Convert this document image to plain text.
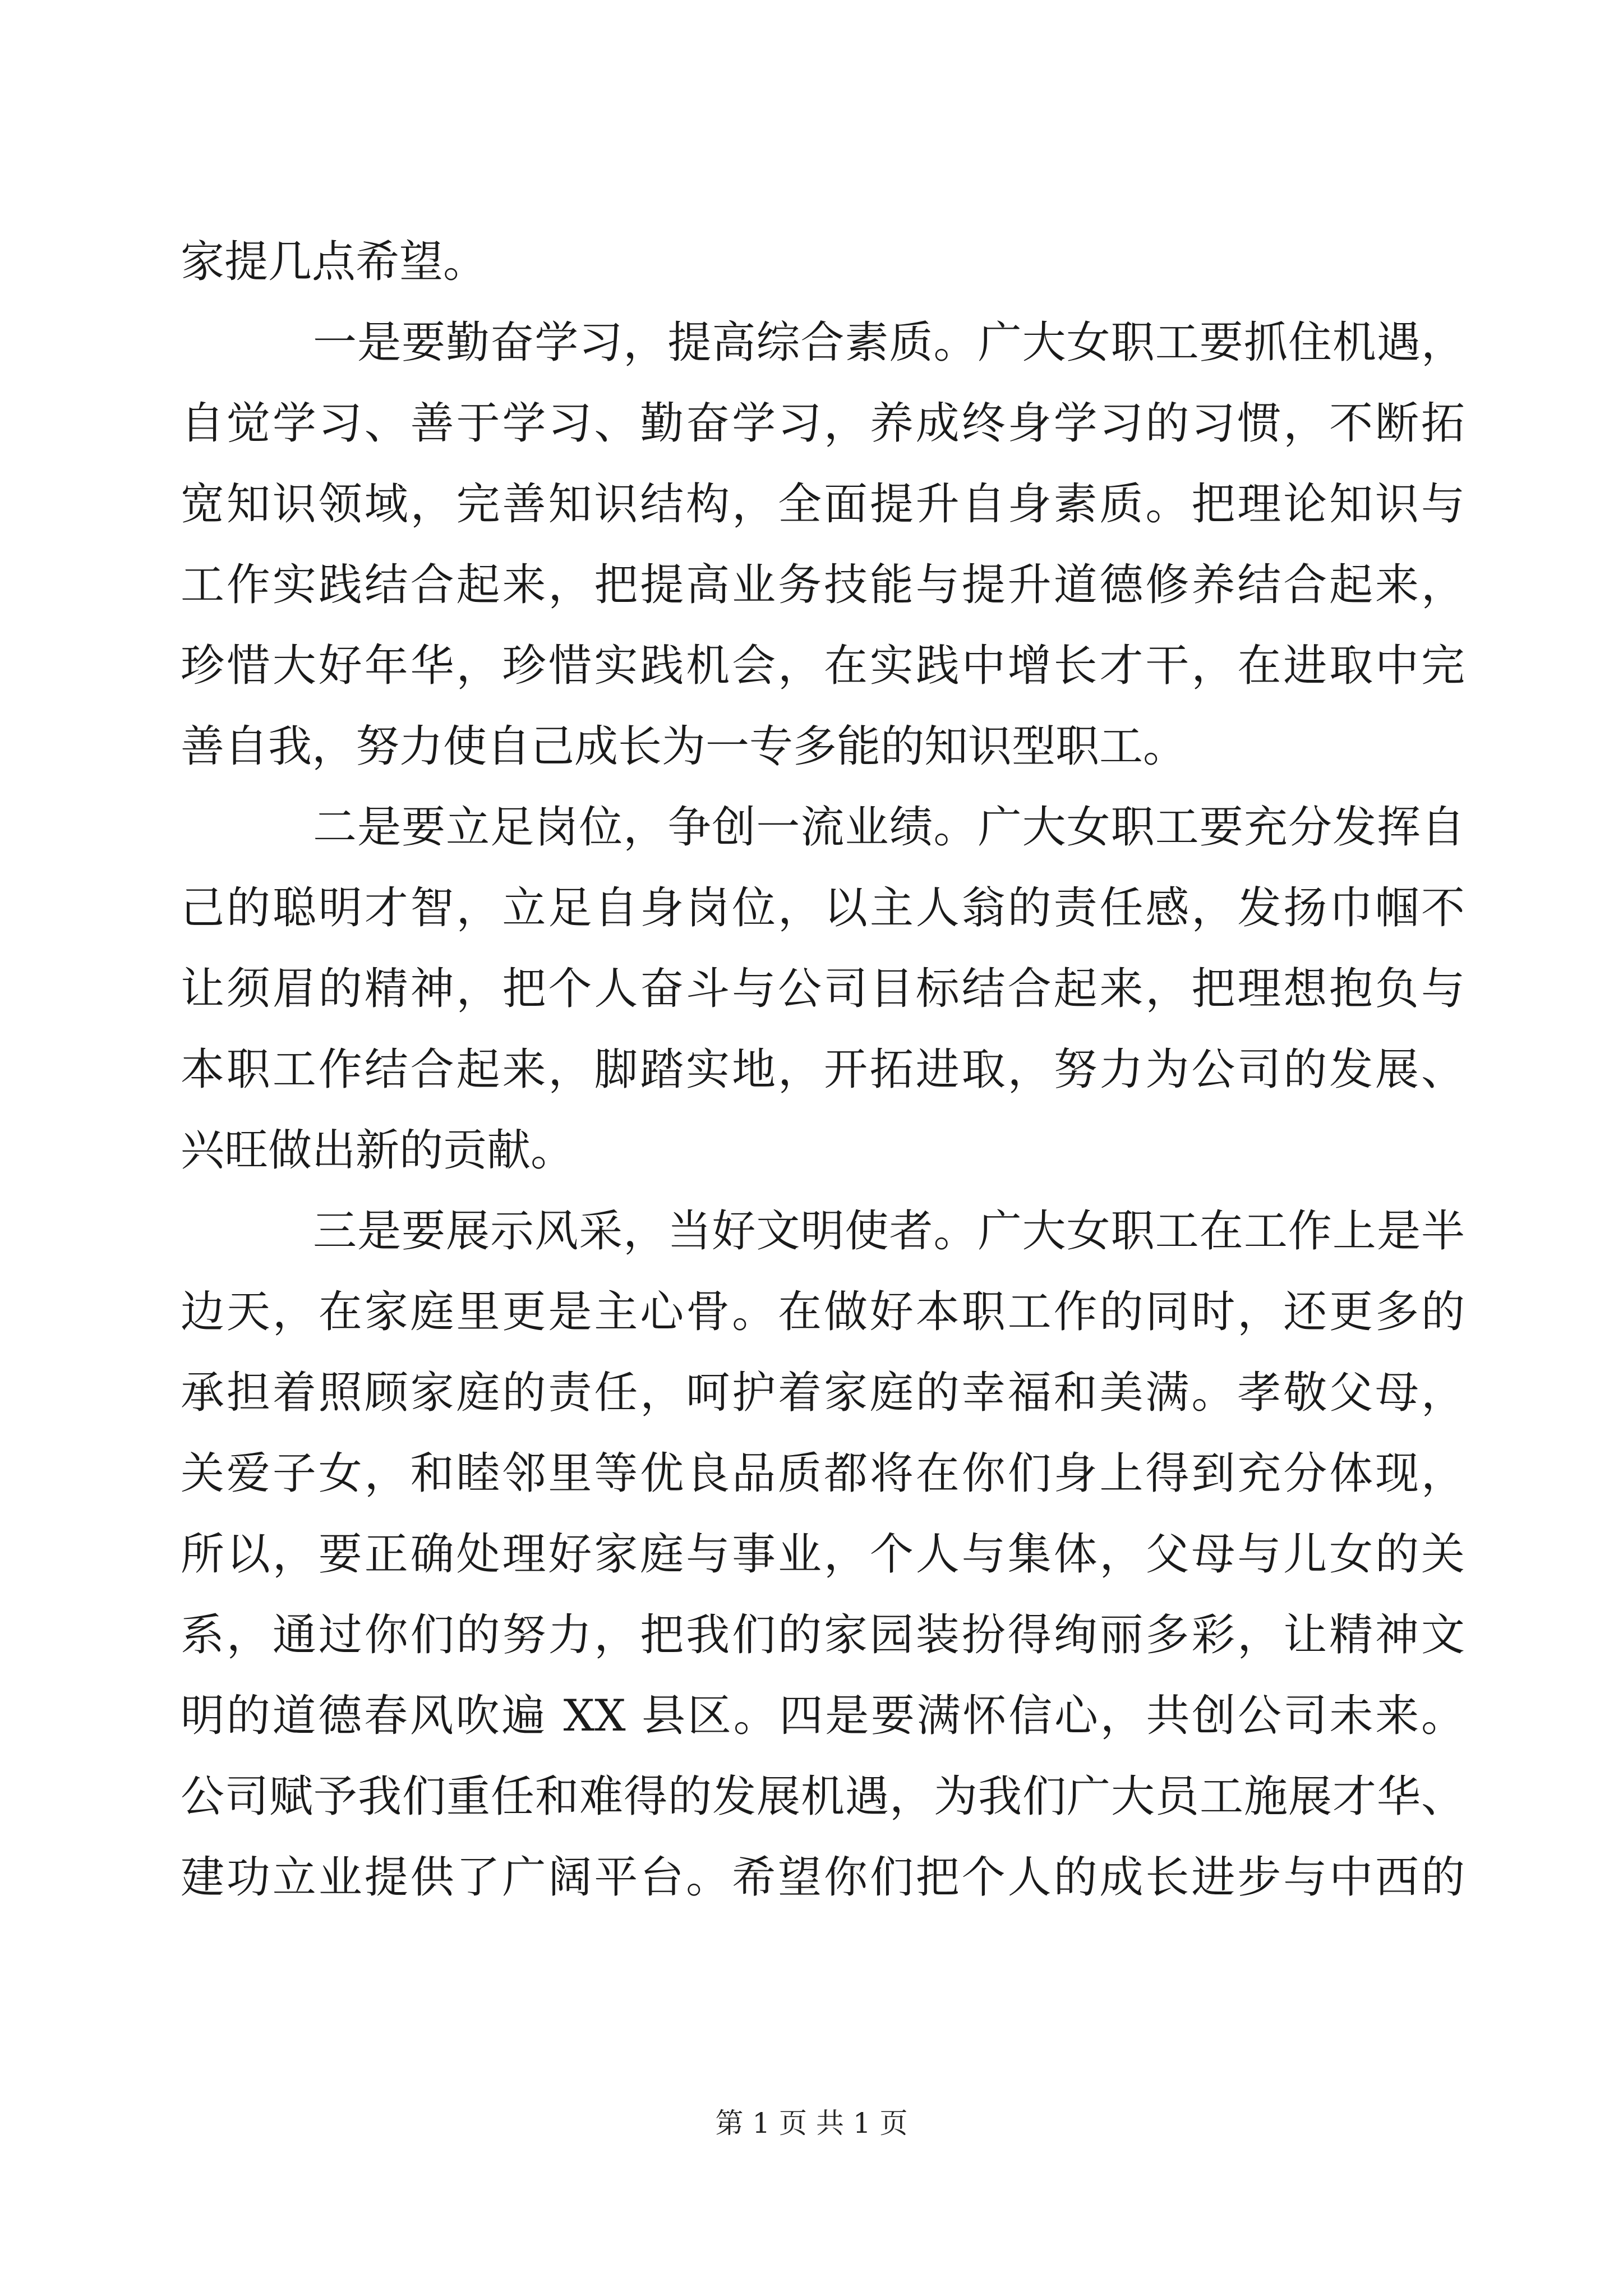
家提几点希望。
一是要勤奋学习，提高综合素质。广大女职工要抓住机遇，
自觉学习、善于学习、勤奋学习，养成终身学习的习惯，不断拓
宽知识领域，完善知识结构，全面提升自身素质。把理论知识与
工作实践结合起来，把提高业务技能与提升道德修养结合起来，
珍惜大好年华，珍惜实践机会，在实践中增长才干，在进取中完
善自我，努力使自己成长为一专多能的知识型职工。
二是要立足岗位，争创一流业绩。广大女职工要充分发挥自
己的聪明才智，立足自身岗位，以主人翁的责任感，发扬巾帼不
让须眉的精神，把个人奋斗与公司目标结合起来，把理想抱负与
本职工作结合起来，脚踏实地，开拓进取，努力为公司的发展、
兴旺做出新的贡献。
三是要展示风采，当好文明使者。广大女职工在工作上是半
边天，在家庭里更是主心骨。在做好本职工作的同时，还更多的
承担着照顾家庭的责任，呵护着家庭的幸福和美满。孝敬父母，
关爱子女，和睦邻里等优良品质都将在你们身上得到充分体现，
所以，要正确处理好家庭与事业，个人与集体，父母与儿女的关
系，通过你们的努力，把我们的家园装扮得绚丽多彩，让精神文
明的道德春风吹遍 XX 县区。四是要满怀信心，共创公司未来。
公司赋予我们重任和难得的发展机遇，为我们广大员工施展才华、
建功立业提供了广阔平台。希望你们把个人的成长进步与中西的
第 1 页 共 1 页
